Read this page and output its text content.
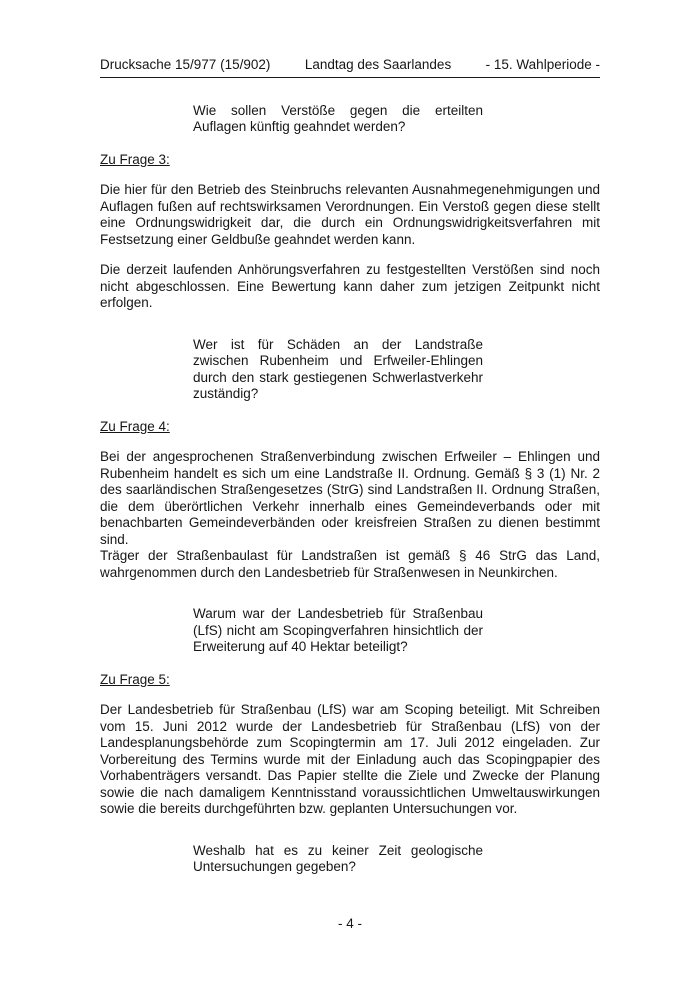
Drucksache 15/977 (15/902)	Landtag des Saarlandes	- 15. Wahlperiode -
Wie sollen Verstöße gegen die erteilten Auflagen künftig geahndet werden?
Zu Frage 3:

Die hier für den Betrieb des Steinbruchs relevanten Ausnahmegenehmigungen und Auflagen fußen auf rechtswirksamen Verordnungen. Ein Verstoß gegen diese stellt eine Ordnungswidrigkeit dar, die durch ein Ordnungswidrigkeitsverfahren mit Festsetzung einer Geldbuße geahndet werden kann.

Die derzeit laufenden Anhörungsverfahren zu festgestellten Verstößen sind noch nicht abgeschlossen. Eine Bewertung kann daher zum jetzigen Zeitpunkt nicht erfolgen.

Wer ist für Schäden an der Landstraße zwischen Rubenheim und Erfweiler-Ehlingen durch den stark gestiegenen Schwerlastverkehr zuständig?
Zu Frage 4:

Bei der angesprochenen Straßenverbindung zwischen Erfweiler – Ehlingen und Rubenheim handelt es sich um eine Landstraße II. Ordnung. Gemäß § 3 (1) Nr. 2 des saarländischen Straßengesetzes (StrG) sind Landstraßen II. Ordnung Straßen, die dem überörtlichen Verkehr innerhalb eines Gemeindeverbands oder mit benachbarten Gemeindeverbänden oder kreisfreien Straßen zu dienen bestimmt sind.

Träger der Straßenbaulast für Landstraßen ist gemäß § 46 StrG das Land, wahrgenommen durch den Landesbetrieb für Straßenwesen in Neunkirchen.

Warum war der Landesbetrieb für Straßenbau (LfS) nicht am Scopingverfahren hinsichtlich der Erweiterung auf 40 Hektar beteiligt?
Zu Frage 5:

Der Landesbetrieb für Straßenbau (LfS) war am Scoping beteiligt. Mit Schreiben vom 15. Juni 2012 wurde der Landesbetrieb für Straßenbau (LfS) von der Landesplanungsbehörde zum Scopingtermin am 17. Juli 2012 eingeladen. Zur Vorbereitung des Termins wurde mit der Einladung auch das Scopingpapier des Vorhabenträgers versandt. Das Papier stellte die Ziele und Zwecke der Planung sowie die nach damaligem Kenntnisstand voraussichtlichen Umweltauswirkungen sowie die bereits durchgeführten bzw. geplanten Untersuchungen vor.

Weshalb hat es zu keiner Zeit geologische Untersuchungen gegeben?
- 4 -
